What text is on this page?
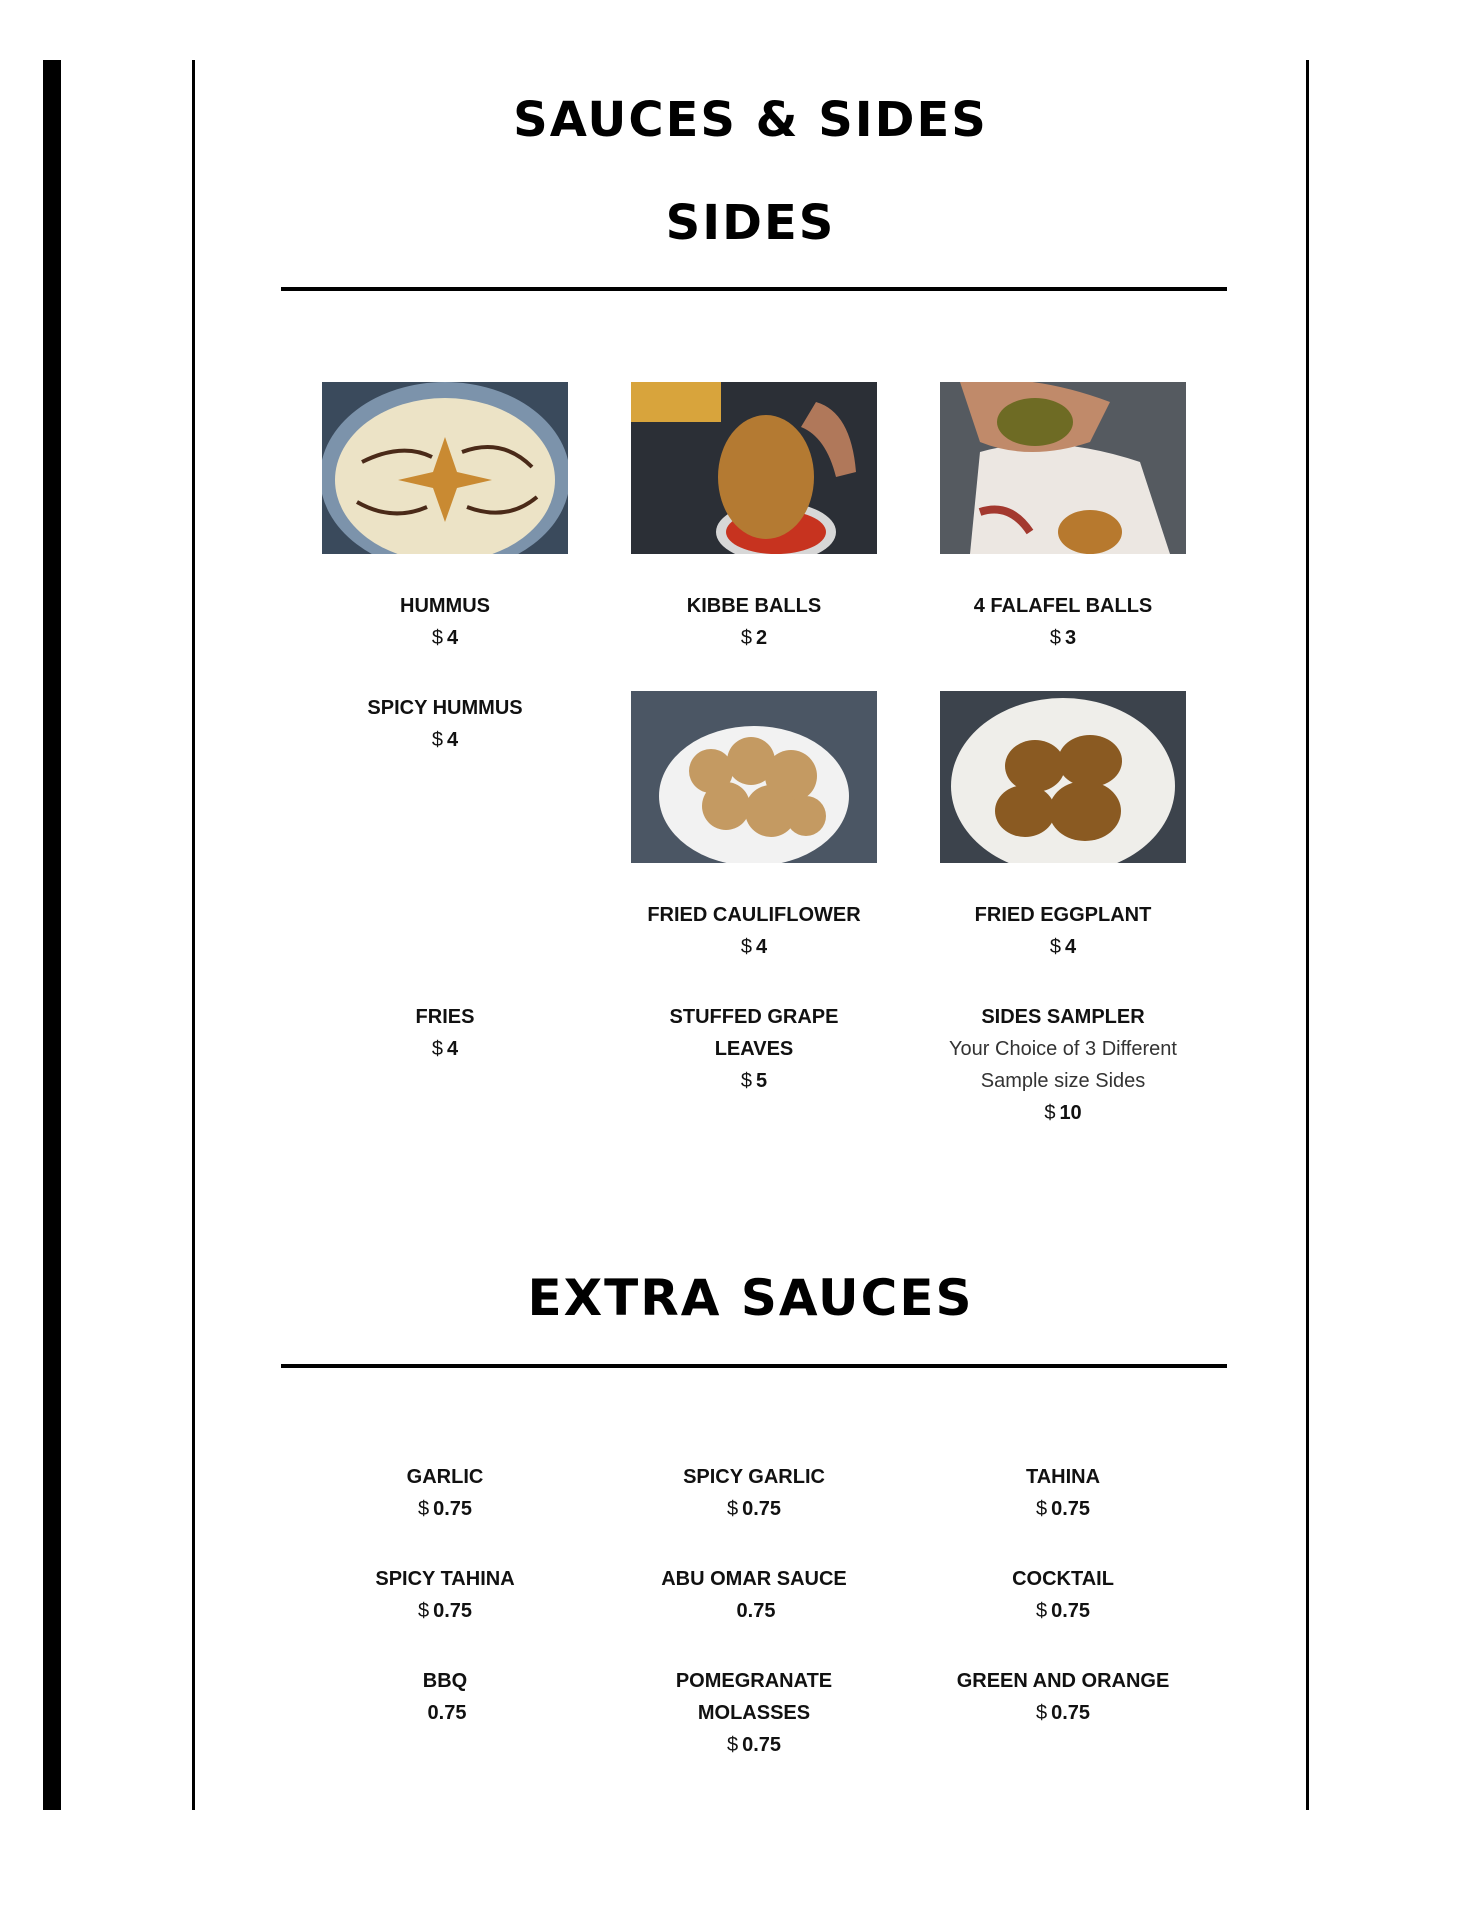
SAUCES & SIDES
SIDES
HUMMUS
$ 4
KIBBE BALLS
$ 2
4 FALAFEL BALLS
$ 3
SPICY HUMMUS
$ 4
FRIED CAULIFLOWER
$ 4
FRIED EGGPLANT
$ 4
FRIES
$ 4
STUFFED GRAPE LEAVES
$ 5
SIDES SAMPLER
Your Choice of 3 Different Sample size Sides
$ 10
EXTRA SAUCES
GARLIC
$ 0.75
SPICY GARLIC
$ 0.75
TAHINA
$ 0.75
SPICY TAHINA
$ 0.75
ABU OMAR SAUCE
0.75
COCKTAIL
$ 0.75
BBQ
0.75
POMEGRANATE MOLASSES
$ 0.75
GREEN AND ORANGE
$ 0.75
